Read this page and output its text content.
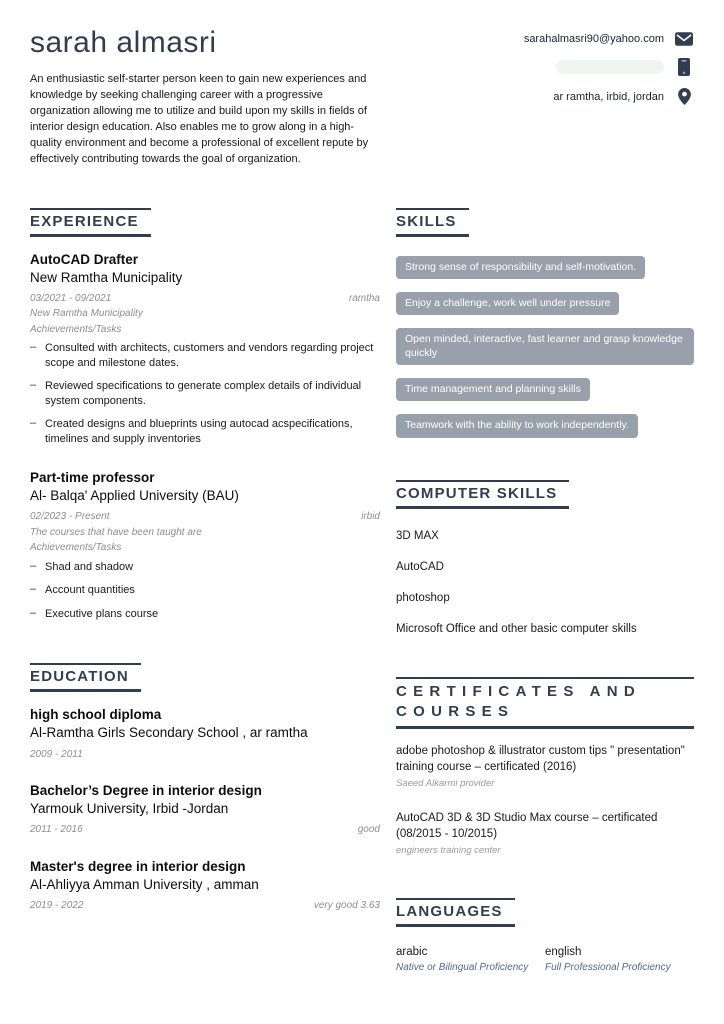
sarah almasri
An enthusiastic self-starter person keen to gain new experiences and knowledge by seeking challenging career with a progressive organization allowing me to utilize and build upon my skills in fields of interior design education. Also enables me to grow along in a high-quality environment and become a professional of excellent repute by effectively contributing towards the goal of organization.
sarahalmasri90@yahoo.com
ar ramtha, irbid, jordan
EXPERIENCE
AutoCAD Drafter
New Ramtha Municipality
03/2021 - 09/2021	ramtha
New Ramtha Municipality
Achievements/Tasks
– Consulted with architects, customers and vendors regarding project scope and milestone dates.
– Reviewed specifications to generate complex details of individual system components.
– Created designs and blueprints using autocad acspecifications, timelines and supply inventories
Part-time professor
Al- Balqa' Applied University (BAU)
02/2023 - Present	irbid
The courses that have been taught are
Achievements/Tasks
– Shad and shadow
– Account quantities
– Executive plans course
EDUCATION
high school diploma
Al-Ramtha Girls Secondary School , ar ramtha
2009 - 2011
Bachelor’s Degree in interior design
Yarmouk University, Irbid -Jordan
2011 - 2016	good
Master's degree in interior design
Al-Ahliyya Amman University , amman
2019 - 2022	very good 3.63
SKILLS
Strong sense of responsibility and self-motivation.
Enjoy a challenge, work well under pressure
Open minded, interactive, fast learner and grasp knowledge quickly
Time management and planning skills
Teamwork with the ability to work independently.
COMPUTER SKILLS
3D MAX
AutoCAD
photoshop
Microsoft Office and other basic computer skills
CERTIFICATES AND COURSES
adobe photoshop & illustrator custom tips " presentation" training course – certificated (2016)
Saeed Alkarmi provider
AutoCAD 3D & 3D Studio Max course – certificated (08/2015 - 10/2015)
engineers training center
LANGUAGES
arabic
Native or Bilingual Proficiency
english
Full Professional Proficiency
